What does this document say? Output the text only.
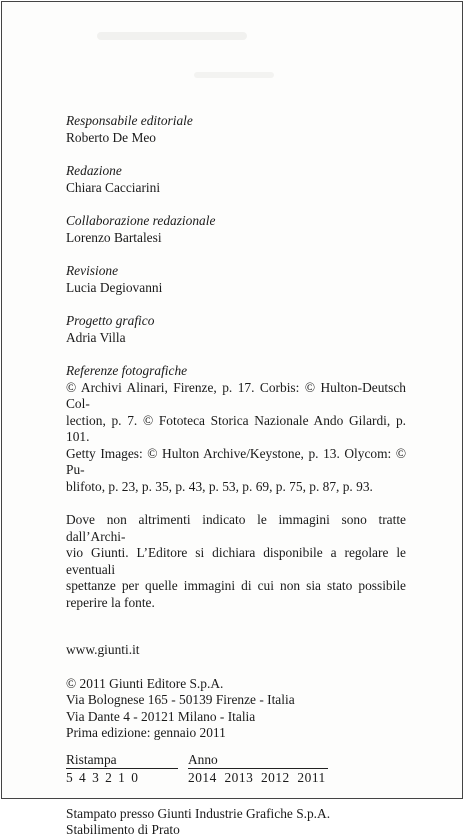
Responsabile editoriale
Roberto De Meo
Redazione
Chiara Cacciarini
Collaborazione redazionale
Lorenzo Bartalesi
Revisione
Lucia Degiovanni
Progetto grafico
Adria Villa
Referenze fotografiche
© Archivi Alinari, Firenze, p. 17. Corbis: © Hulton-Deutsch Col-
lection, p. 7. © Fototeca Storica Nazionale Ando Gilardi, p. 101.
Getty Images: © Hulton Archive/Keystone, p. 13. Olycom: © Pu-
blifoto, p. 23, p. 35, p. 43, p. 53, p. 69, p. 75, p. 87, p. 93.
Dove non altrimenti indicato le immagini sono tratte dall’Archi-
vio Giunti. L’Editore si dichiara disponibile a regolare le eventuali
spettanze per quelle immagini di cui non sia stato possibile
reperire la fonte.
www.giunti.it
© 2011 Giunti Editore S.p.A.
Via Bolognese 165 - 50139 Firenze - Italia
Via Dante 4 - 20121 Milano - Italia
Prima edizione: gennaio 2011
Ristampa	Anno
5 4 3 2 1 0	2014  2013  2012  2011
Stampato presso Giunti Industrie Grafiche S.p.A.
Stabilimento di Prato
